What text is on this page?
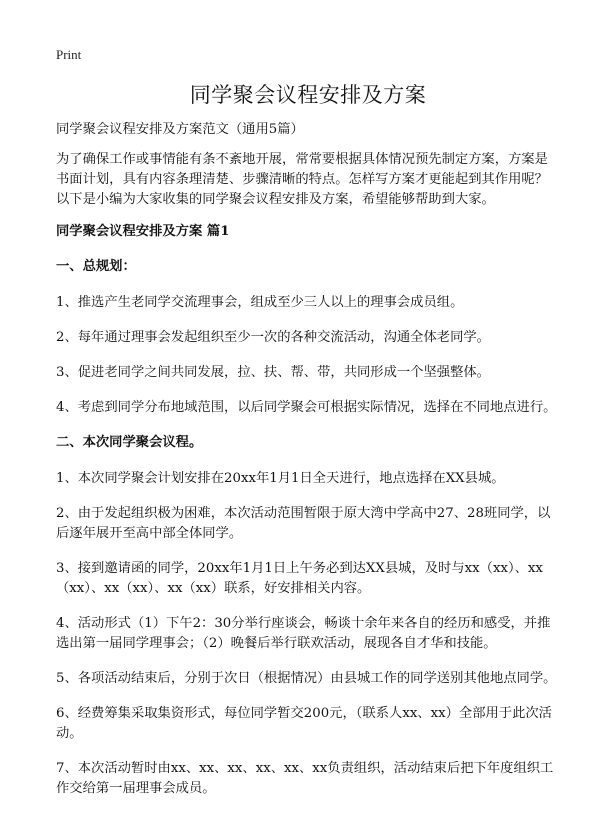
Print
同学聚会议程安排及方案

同学聚会议程安排及方案范文（通用5篇）

为了确保工作或事情能有条不紊地开展，常常要根据具体情况预先制定方案，方案是书面计划，具有内容条理清楚、步骤清晰的特点。怎样写方案才更能起到其作用呢？以下是小编为大家收集的同学聚会议程安排及方案，希望能够帮助到大家。

同学聚会议程安排及方案 篇1

一、总规划：

1、推选产生老同学交流理事会，组成至少三人以上的理事会成员组。

2、每年通过理事会发起组织至少一次的各种交流活动，沟通全体老同学。

3、促进老同学之间共同发展，拉、扶、帮、带，共同形成一个坚强整体。

4、考虑到同学分布地域范围，以后同学聚会可根据实际情况，选择在不同地点进行。

二、本次同学聚会议程。

1、本次同学聚会计划安排在20xx年1月1日全天进行，地点选择在XX县城。

2、由于发起组织极为困难，本次活动范围暂限于原大湾中学高中27、28班同学，以后逐年展开至高中部全体同学。

3、接到邀请函的同学，20xx年1月1日上午务必到达XX县城，及时与xx（xx）、xx（xx）、xx（xx）、xx（xx）联系，好安排相关内容。

4、活动形式（1）下午2：30分举行座谈会，畅谈十余年来各自的经历和感受，并推选出第一届同学理事会；（2）晚餐后举行联欢活动，展现各自才华和技能。

5、各项活动结束后，分别于次日（根据情况）由县城工作的同学送别其他地点同学。

6、经费筹集采取集资形式，每位同学暂交200元，（联系人xx、xx）全部用于此次活动。

7、本次活动暂时由xx、xx、xx、xx、xx、xx负责组织，活动结束后把下年度组织工作交给第一届理事会成员。
